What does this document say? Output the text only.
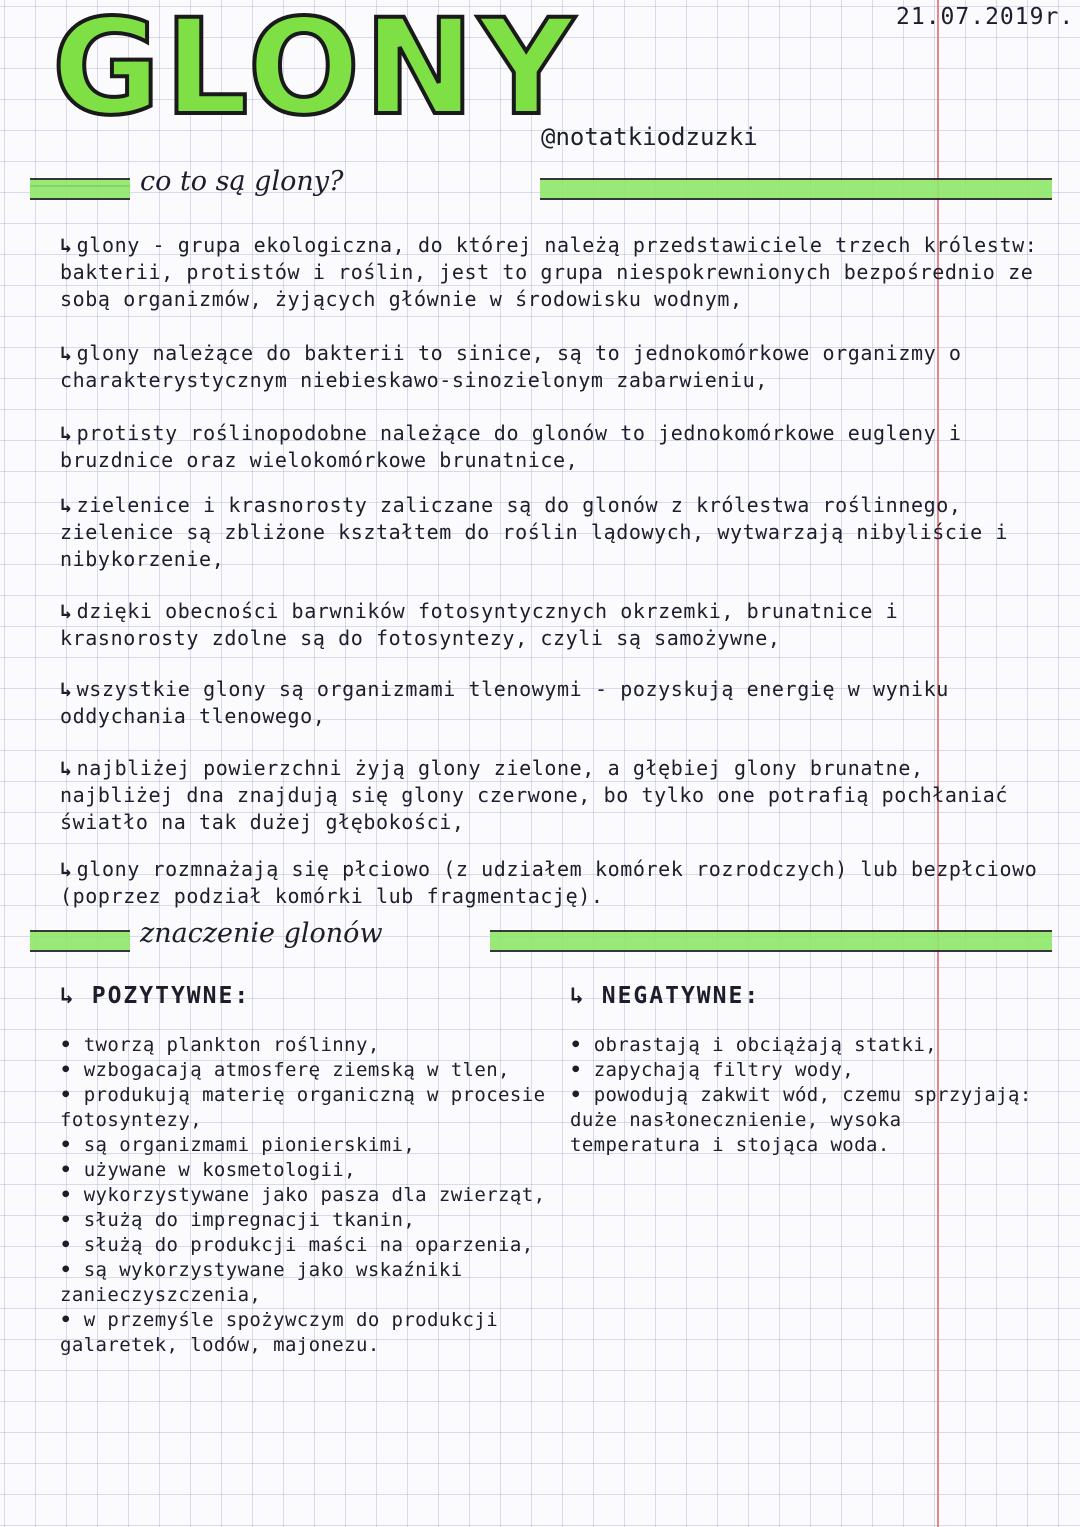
GLONY	21.07.2019r.
@notatkiodzuzki
co to są glony?
↳ glony - grupa ekologiczna, do której należą przedstawiciele trzech królestw: bakterii, protistów i roślin, jest to grupa niespokrewnionych bezpośrednio ze sobą organizmów, żyjących głównie w środowisku wodnym,
↳ glony należące do bakterii to sinice, są to jednokomórkowe organizmy o charakterystycznym niebieskawo-sinozielonym zabarwieniu,
↳ protisty roślinopodobne należące do glonów to jednokomórkowe eugleny i bruzdnice oraz wielokomórkowe brunatnice,
↳ zielenice i krasnorosty zaliczane są do glonów z królestwa roślinnego, zielenice są zbliżone kształtem do roślin lądowych, wytwarzają nibyliście i nibykorzenie,
↳ dzięki obecności barwników fotosyntycznych okrzemki, brunatnice i krasnorosty zdolne są do fotosyntezy, czyli są samożywne,
↳ wszystkie glony są organizmami tlenowymi - pozyskują energię w wyniku oddychania tlenowego,
↳ najbliżej powierzchni żyją glony zielone, a głębiej glony brunatne, najbliżej dna znajdują się glony czerwone, bo tylko one potrafią pochłaniać światło na tak dużej głębokości,
↳ glony rozmnażają się płciowo (z udziałem komórek rozrodczych) lub bezpłciowo (poprzez podział komórki lub fragmentację).
znaczenie glonów
↳ POZYTYWNE:
• tworzą plankton roślinny,
• wzbogacają atmosferę ziemską w tlen,
• produkują materię organiczną w procesie fotosyntezy,
• są organizmami pionierskimi,
• używane w kosmetologii,
• wykorzystywane jako pasza dla zwierząt,
• służą do impregnacji tkanin,
• służą do produkcji maści na oparzenia,
• są wykorzystywane jako wskaźniki zanieczyszczenia,
• w przemyśle spożywczym do produkcji galaretek, lodów, majonezu.
↳ NEGATYWNE:
• obrastają i obciążają statki,
• zapychają filtry wody,
• powodują zakwit wód, czemu sprzyjają: duże nasłonecznienie, wysoka temperatura i stojąca woda.
